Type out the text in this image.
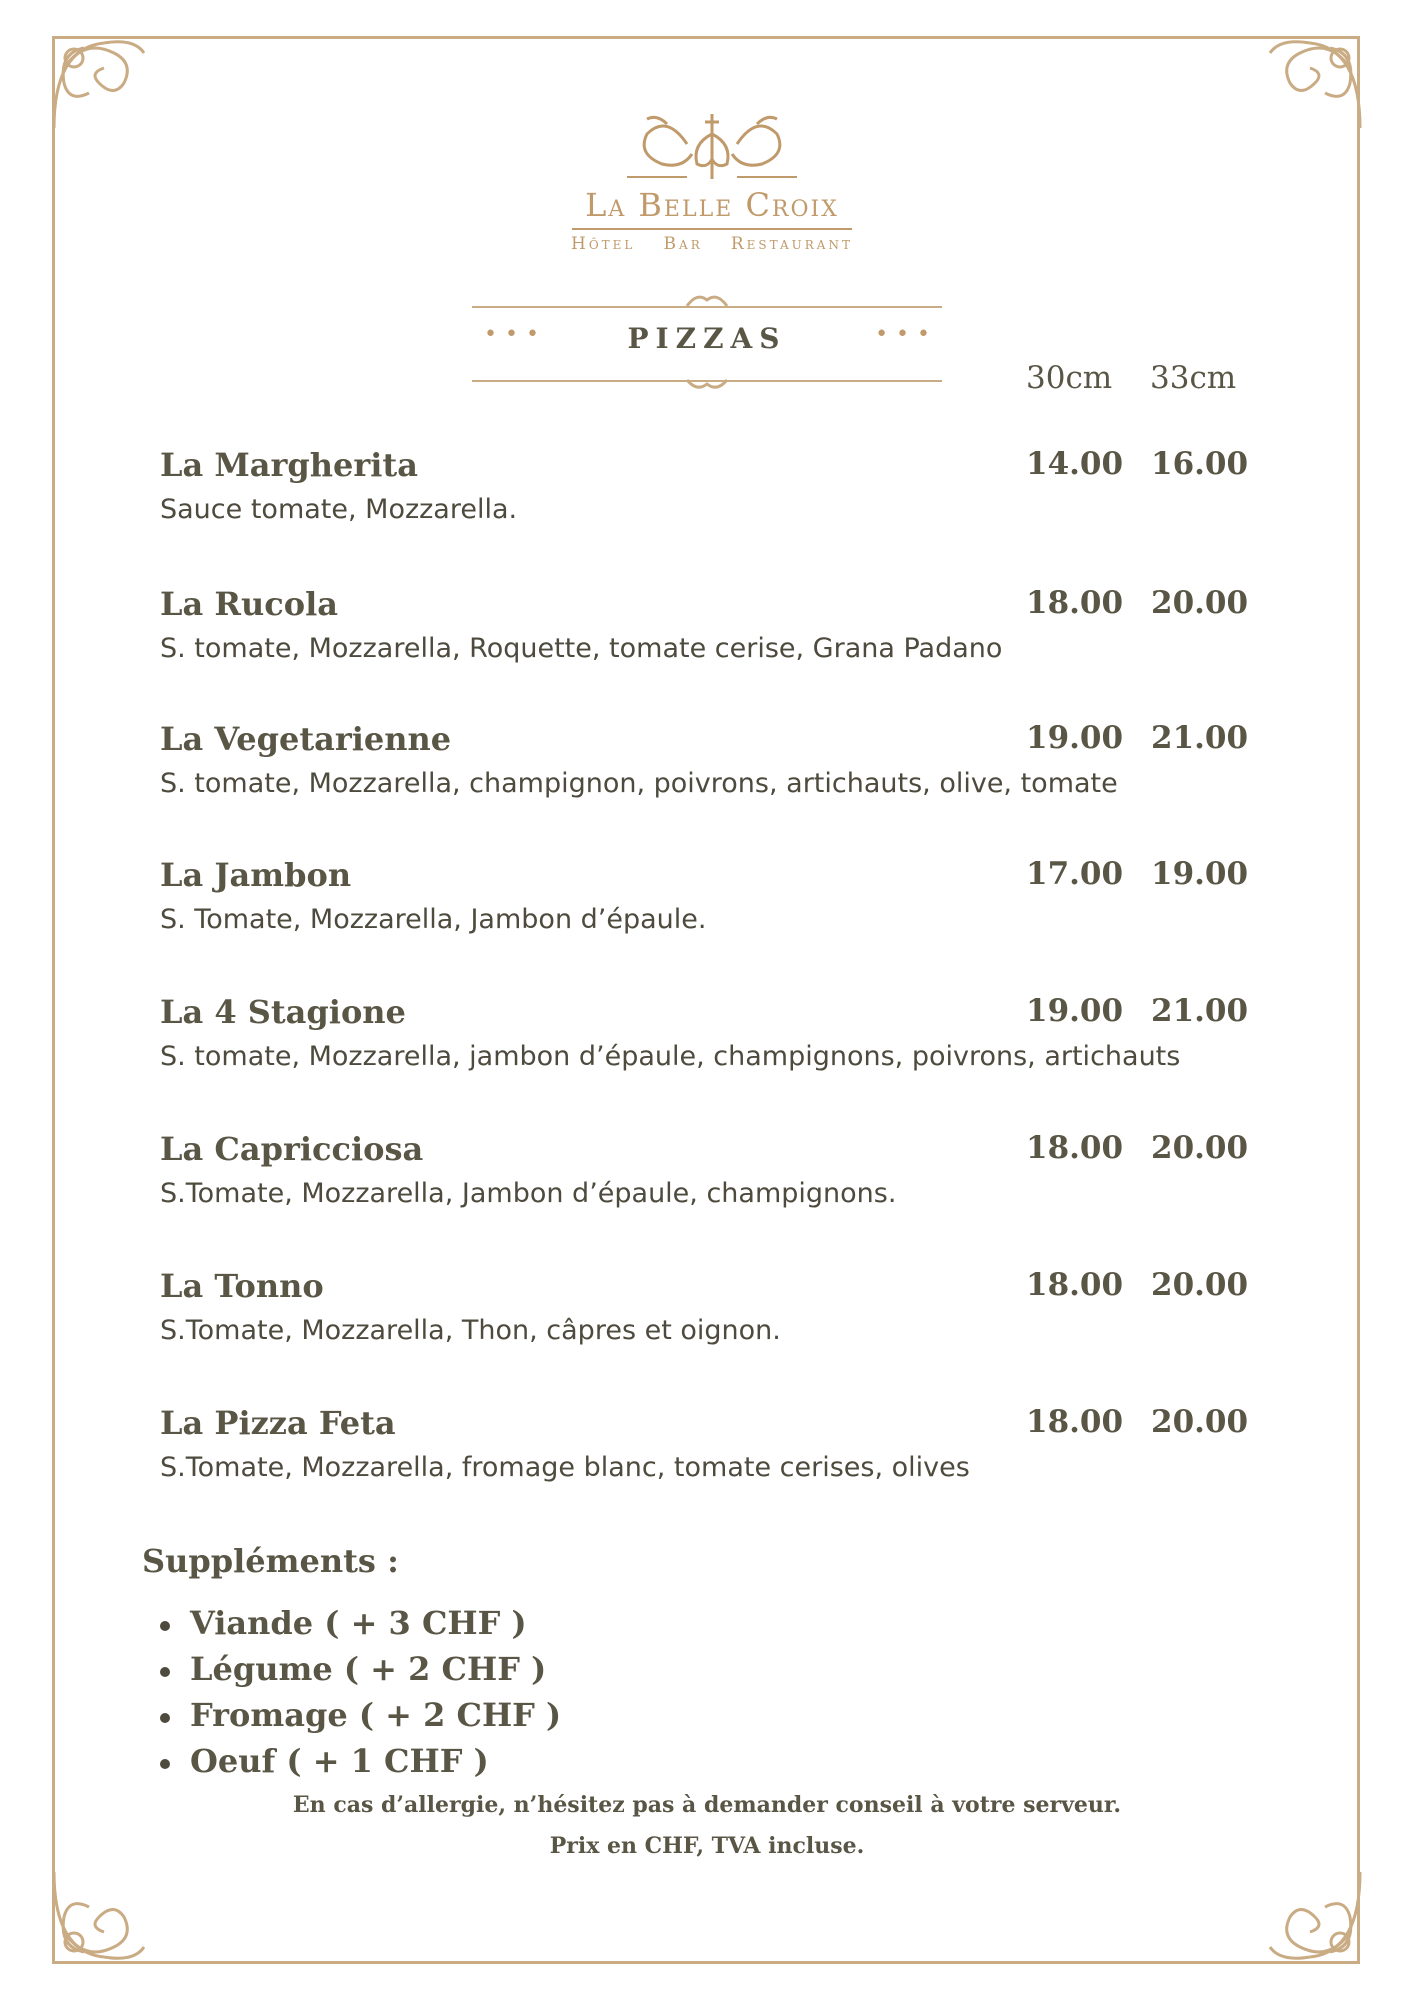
La Belle Croix
Hôtel Bar Restaurant
•••	PIZZAS	•••
30cm 33cm
La Margherita
Sauce tomate, Mozzarella.
14.00 16.00
La Rucola
S. tomate, Mozzarella, Roquette, tomate cerise, Grana Padano
18.00 20.00
La Vegetarienne
S. tomate, Mozzarella, champignon, poivrons, artichauts, olive, tomate
19.00 21.00
La Jambon
S. Tomate, Mozzarella, Jambon d’épaule.
17.00 19.00
La 4 Stagione
S. tomate, Mozzarella, jambon d’épaule, champignons, poivrons, artichauts
19.00 21.00
La Capricciosa
S.Tomate, Mozzarella, Jambon d’épaule, champignons.
18.00 20.00
La Tonno
S.Tomate, Mozzarella, Thon, câpres et oignon.
18.00 20.00
La Pizza Feta
S.Tomate, Mozzarella, fromage blanc, tomate cerises, olives
18.00 20.00
Suppléments :
Viande ( + 3 CHF )
Légume ( + 2 CHF )
Fromage ( + 2 CHF )
Oeuf ( + 1 CHF )
En cas d’allergie, n’hésitez pas à demander conseil à votre serveur.
Prix en CHF, TVA incluse.
